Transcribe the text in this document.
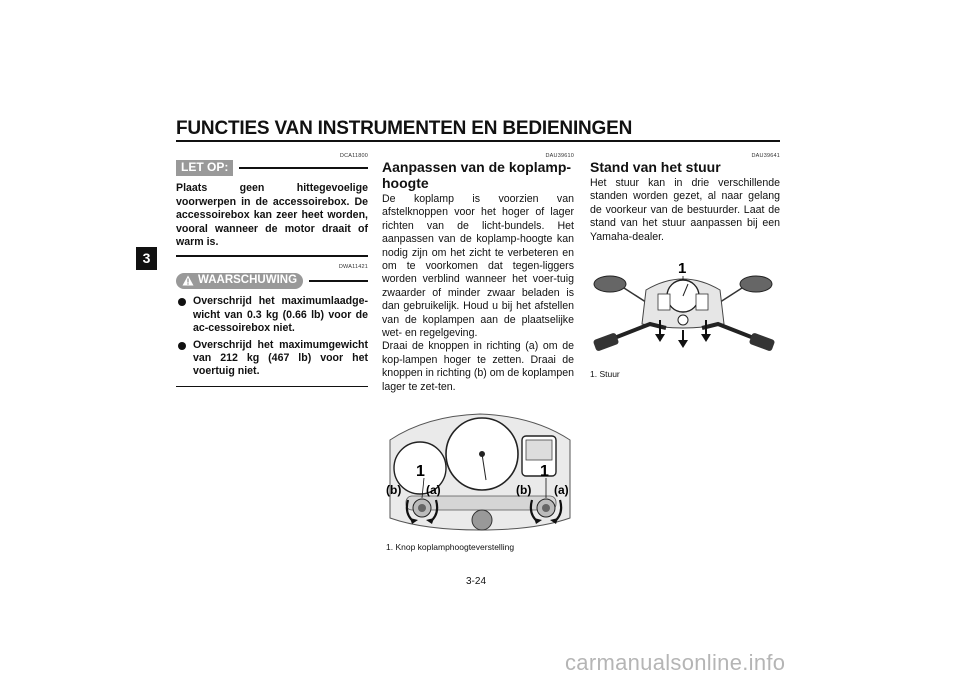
FUNCTIES VAN INSTRUMENTEN EN BEDIENINGEN
3
DCA11800
LET OP:
Plaats geen hittegevoelige voorwerpen in de accessoirebox. De accessoirebox kan zeer heet worden, vooral wanneer de motor draait of warm is.
DWA11421
WAARSCHUWING
Overschrijd het maximumlaadge-wicht van 0.3 kg (0.66 lb) voor de ac-cessoirebox niet.
Overschrijd het maximumgewicht van 212 kg (467 lb) voor het voertuig niet.
DAU39610
Aanpassen van de koplamp-hoogte
De koplamp is voorzien van afstelknoppen voor het hoger of lager richten van de licht-bundels. Het aanpassen van de koplamp-hoogte kan nodig zijn om het zicht te verbeteren en om te voorkomen dat tegen-liggers worden verblind wanneer het voer-tuig zwaarder of minder zwaar beladen is dan gebruikelijk. Houd u bij het afstellen van de koplampen aan de plaatselijke wet- en regelgeving.
Draai de knoppen in richting (a) om de kop-lampen hoger te zetten. Draai de knoppen in richting (b) om de koplampen lager te zet-ten.
1	1
(b) (a)	(b) (a)
1. Knop koplamphoogteverstelling
DAU39641
Stand van het stuur
Het stuur kan in drie verschillende standen worden gezet, al naar gelang de voorkeur van de bestuurder. Laat de stand van het stuur aanpassen bij een Yamaha-dealer.
1
1. Stuur
3-24
carmanualsonline.info
